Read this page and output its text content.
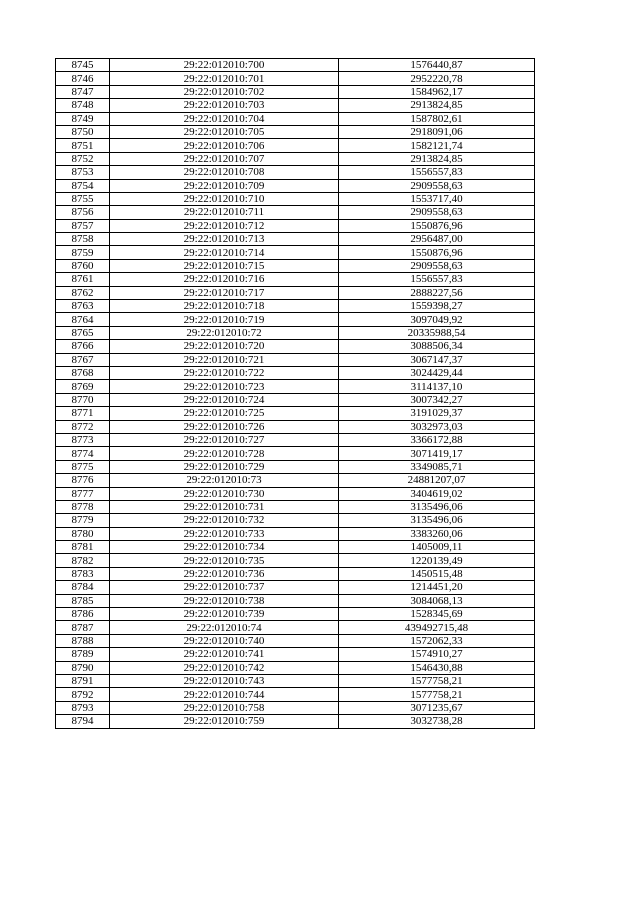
8745	29:22:012010:700	1576440,87
8746	29:22:012010:701	2952220,78
8747	29:22:012010:702	1584962,17
8748	29:22:012010:703	2913824,85
8749	29:22:012010:704	1587802,61
8750	29:22:012010:705	2918091,06
8751	29:22:012010:706	1582121,74
8752	29:22:012010:707	2913824,85
8753	29:22:012010:708	1556557,83
8754	29:22:012010:709	2909558,63
8755	29:22:012010:710	1553717,40
8756	29:22:012010:711	2909558,63
8757	29:22:012010:712	1550876,96
8758	29:22:012010:713	2956487,00
8759	29:22:012010:714	1550876,96
8760	29:22:012010:715	2909558,63
8761	29:22:012010:716	1556557,83
8762	29:22:012010:717	2888227,56
8763	29:22:012010:718	1559398,27
8764	29:22:012010:719	3097049,92
8765	29:22:012010:72	20335988,54
8766	29:22:012010:720	3088506,34
8767	29:22:012010:721	3067147,37
8768	29:22:012010:722	3024429,44
8769	29:22:012010:723	3114137,10
8770	29:22:012010:724	3007342,27
8771	29:22:012010:725	3191029,37
8772	29:22:012010:726	3032973,03
8773	29:22:012010:727	3366172,88
8774	29:22:012010:728	3071419,17
8775	29:22:012010:729	3349085,71
8776	29:22:012010:73	24881207,07
8777	29:22:012010:730	3404619,02
8778	29:22:012010:731	3135496,06
8779	29:22:012010:732	3135496,06
8780	29:22:012010:733	3383260,06
8781	29:22:012010:734	1405009,11
8782	29:22:012010:735	1220139,49
8783	29:22:012010:736	1450515,48
8784	29:22:012010:737	1214451,20
8785	29:22:012010:738	3084068,13
8786	29:22:012010:739	1528345,69
8787	29:22:012010:74	439492715,48
8788	29:22:012010:740	1572062,33
8789	29:22:012010:741	1574910,27
8790	29:22:012010:742	1546430,88
8791	29:22:012010:743	1577758,21
8792	29:22:012010:744	1577758,21
8793	29:22:012010:758	3071235,67
8794	29:22:012010:759	3032738,28
